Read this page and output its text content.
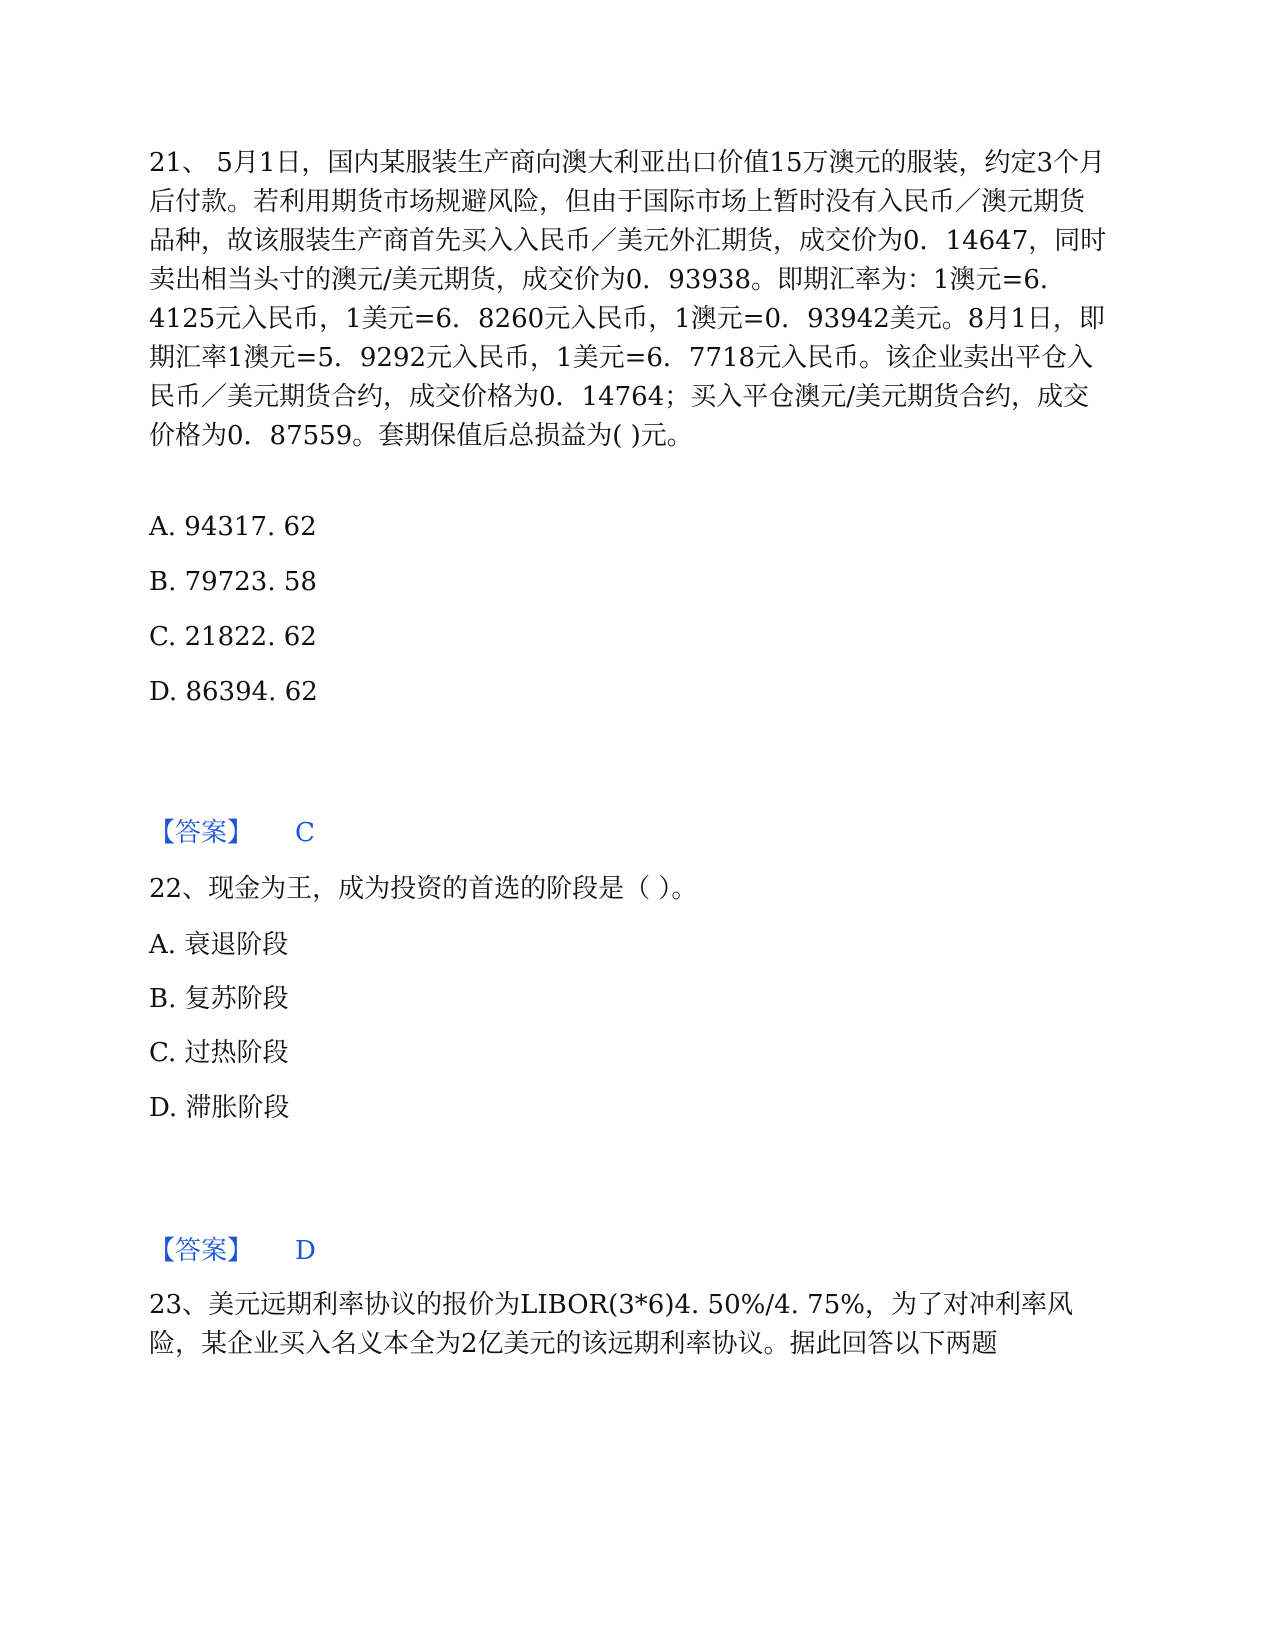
21、 5月1日，国内某服装生产商向澳大利亚出口价值15万澳元的服装，约定3个月后付款。若利用期货市场规避风险，但由于国际市场上暂时没有入民币／澳元期货品种，故该服装生产商首先买入入民币／美元外汇期货，成交价为0．14647，同时卖出相当头寸的澳元/美元期货，成交价为0．93938。即期汇率为：1澳元=6．4125元入民币，1美元=6．8260元入民币，1澳元=0．93942美元。8月1日，即期汇率1澳元=5．9292元入民币，1美元=6．7718元入民币。该企业卖出平仓入民币／美元期货合约，成交价格为0．14764；买入平仓澳元/美元期货合约，成交价格为0．87559。套期保值后总损益为( )元。

A. 94317. 62

B. 79723. 58

C. 21822. 62

D. 86394. 62

【答案】 C

22、现金为王，成为投资的首选的阶段是（ ）。

A. 衰退阶段

B. 复苏阶段

C. 过热阶段

D. 滞胀阶段

【答案】 D

23、美元远期利率协议的报价为LIBOR(3*6)4. 50%/4. 75%，为了对冲利率风险，某企业买入名义本全为2亿美元的该远期利率协议。据此回答以下两题
